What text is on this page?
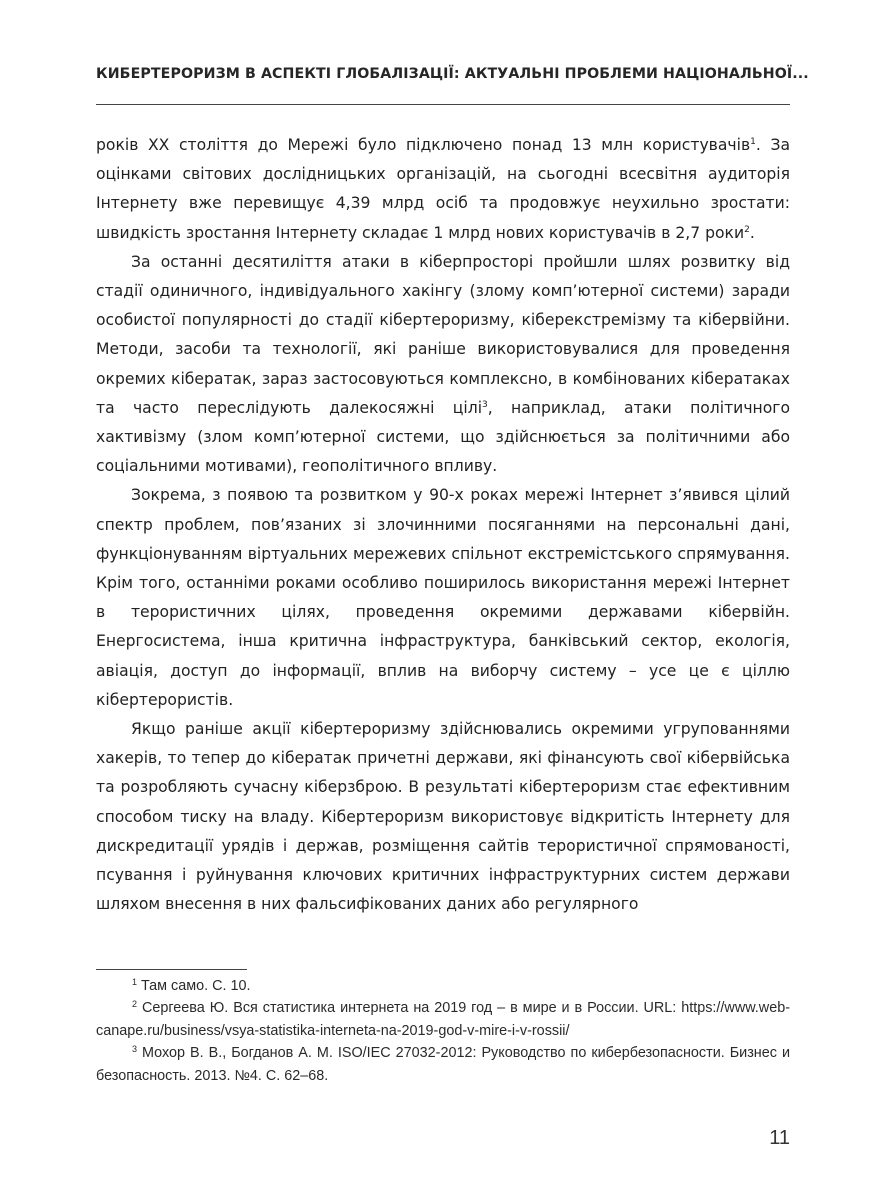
КИБЕРТЕРОРИЗМ В АСПЕКТІ ГЛОБАЛІЗАЦІЇ: АКТУАЛЬНІ ПРОБЛЕМИ НАЦІОНАЛЬНОЇ...

років XX століття до Мережі було підключено понад 13 млн користувачів$^1$. За оцінками світових дослідницьких організацій, на сьогодні всесвітня аудиторія Інтернету вже перевищує 4,39 млрд осіб та продовжує неухильно зростати: швидкість зростання Інтернету складає 1 млрд нових користувачів в 2,7 роки$^2$.

За останні десятиліття атаки в кіберпросторі пройшли шлях розвитку від стадії одиничного, індивідуального хакінгу (злому комп’ютерної системи) заради особистої популярності до стадії кібертероризму, кіберекстремізму та кібервійни. Методи, засоби та технології, які раніше використовувалися для проведення окремих кібератак, зараз застосовуються комплексно, в комбінованих кібератаках та часто переслідують далекосяжні цілі$^3$, наприклад, атаки політичного хактивізму (злом комп’ютерної системи, що здійснюється за політичними або соціальними мотивами), геополітичного впливу.

Зокрема, з появою та розвитком у 90-х роках мережі Інтернет з’явився цілий спектр проблем, пов’язаних зі злочинними посяганнями на персональні дані, функціонуванням віртуальних мережевих спільнот екстремістського спрямування. Крім того, останніми роками особливо поширилось використання мережі Інтернет в терористичних цілях, проведення окремими державами кібервійн. Енергосистема, інша критична інфраструктура, банківський сектор, екологія, авіація, доступ до інформації, вплив на виборчу систему – усе це є ціллю кібертерористів.

Якщо раніше акції кібертероризму здійснювались окремими угрупованнями хакерів, то тепер до кібератак причетні держави, які фінансують свої кібервійська та розробляють сучасну кіберзброю. В результаті кібертероризм стає ефективним способом тиску на владу. Кібертероризм використовує відкритість Інтернету для дискредитації урядів і держав, розміщення сайтів терористичної спрямованості, псування і руйнування ключових критичних інфраструктурних систем держави шляхом внесення в них фальсифікованих даних або регулярного

$^1$ Там само. С. 10.

$^2$ Сергеева Ю. Вся статистика интернета на 2019 год – в мире и в России. URL: https://www.web-canape.ru/business/vsya-statistika-interneta-na-2019-god-v-mire-i-v-rossii/

$^3$ Мохор В. В., Богданов А. М. ISO/IEC 27032-2012: Руководство по кибербезопасности. Бизнес и безопасность. 2013. №4. С. 62–68.

11
